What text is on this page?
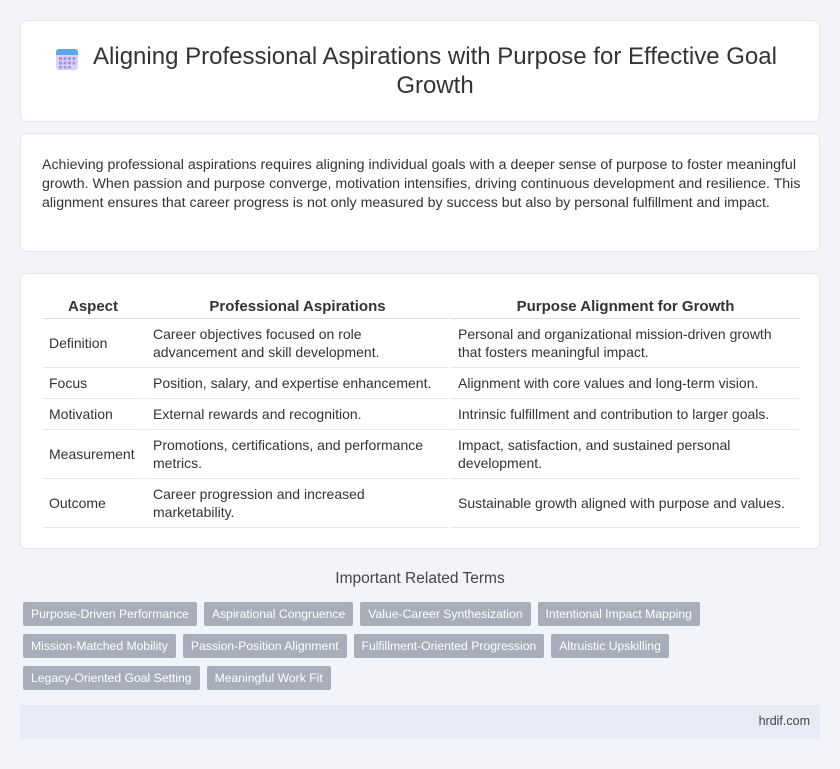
Aligning Professional Aspirations with Purpose for Effective Goal Growth

Achieving professional aspirations requires aligning individual goals with a deeper sense of purpose to foster meaningful growth. When passion and purpose converge, motivation intensifies, driving continuous development and resilience. This alignment ensures that career progress is not only measured by success but also by personal fulfillment and impact.

Aspect	Professional Aspirations	Purpose Alignment for Growth
Definition	Career objectives focused on role advancement and skill development.	Personal and organizational mission-driven growth that fosters meaningful impact.
Focus	Position, salary, and expertise enhancement.	Alignment with core values and long-term vision.
Motivation	External rewards and recognition.	Intrinsic fulfillment and contribution to larger goals.
Measurement	Promotions, certifications, and performance metrics.	Impact, satisfaction, and sustained personal development.
Outcome	Career progression and increased marketability.	Sustainable growth aligned with purpose and values.
Important Related Terms
Purpose-Driven Performance	Aspirational Congruence	Value-Career Synthesization	Intentional Impact Mapping
Mission-Matched Mobility	Passion-Position Alignment	Fulfillment-Oriented Progression	Altruistic Upskilling
Legacy-Oriented Goal Setting	Meaningful Work Fit
hrdif.com
